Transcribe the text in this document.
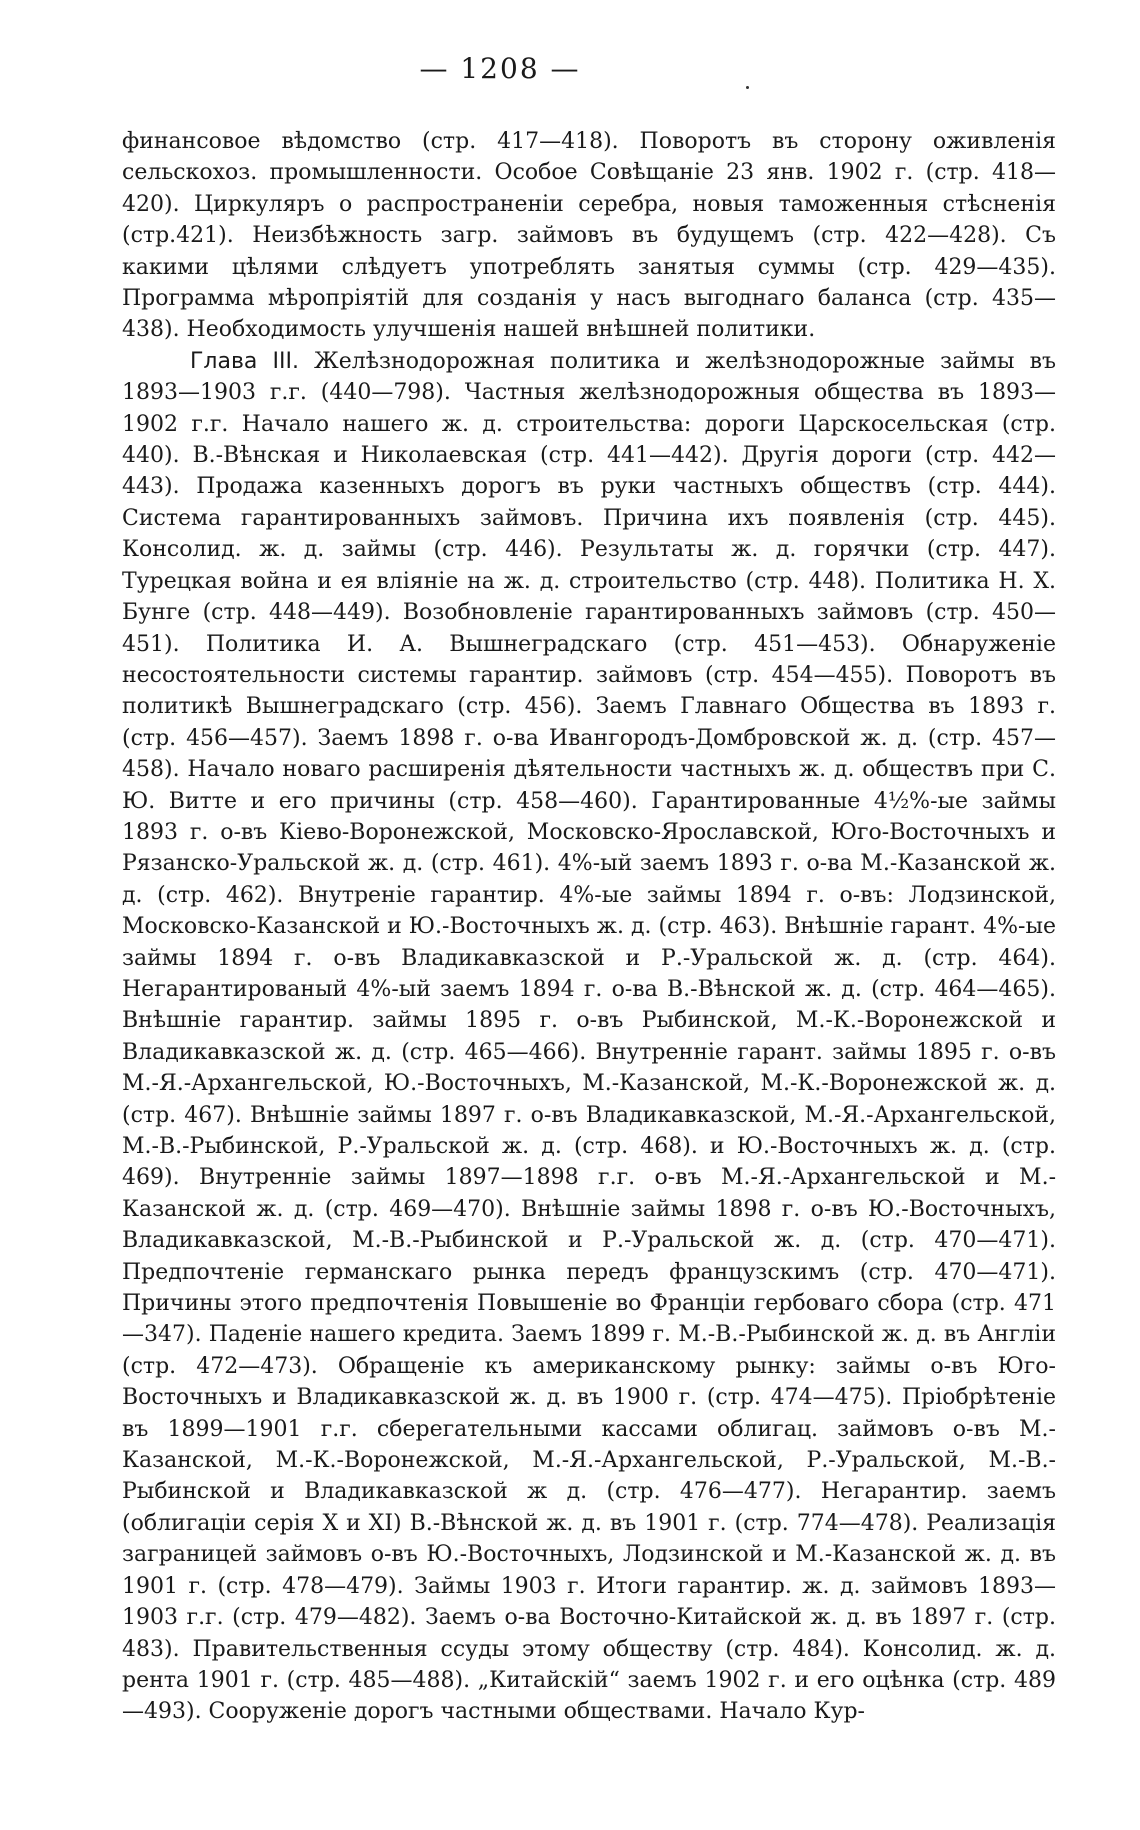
— 1208 —

финансовое вѣдомство (стр. 417—418). Поворотъ въ сторону оживленія сельскохоз. промышленности. Особое Совѣщаніе 23 янв. 1902 г. (стр. 418—420). Циркуляръ о распространеніи серебра, новыя таможенныя стѣсненія (стр.421). Неизбѣжность загр. займовъ въ будущемъ (стр. 422—428). Съ какими цѣлями слѣдуетъ употреблять занятыя суммы (стр. 429—435). Программа мѣропріятій для созданія у насъ выгоднаго баланса (стр. 435—438). Необходимость улучшенія нашей внѣшней политики.

Глава III. Желѣзнодорожная политика и желѣзнодорожные займы въ 1893—1903 г.г. (440—798). Частныя желѣзнодорожныя общества въ 1893—1902 г.г. Начало нашего ж. д. строительства: дороги Царскосельская (стр. 440). В.-Вѣнская и Николаевская (стр. 441—442). Другія дороги (стр. 442—443). Продажа казенныхъ дорогъ въ руки частныхъ обществъ (стр. 444). Система гарантированныхъ займовъ. Причина ихъ появленія (стр. 445). Консолид. ж. д. займы (стр. 446). Результаты ж. д. горячки (стр. 447). Турецкая война и ея вліяніе на ж. д. строительство (стр. 448). Политика Н. Х. Бунге (стр. 448—449). Возобновленіе гарантированныхъ займовъ (стр. 450—451). Политика И. А. Вышнеградскаго (стр. 451—453). Обнаруженіе несостоятельности системы гарантир. займовъ (стр. 454—455). Поворотъ въ политикѣ Вышнеградскаго (стр. 456). Заемъ Главнаго Общества въ 1893 г. (стр. 456—457). Заемъ 1898 г. о-ва Ивангородъ-Домбровской ж. д. (стр. 457—458). Начало новаго расширенія дѣятельности частныхъ ж. д. обществъ при С. Ю. Витте и его причины (стр. 458—460). Гарантированные 4½%-ые займы 1893 г. о-въ Кіево-Воронежской, Московско-Ярославской, Юго-Восточныхъ и Рязанско-Уральской ж. д. (стр. 461). 4%-ый заемъ 1893 г. о-ва М.-Казанской ж. д. (стр. 462). Внутреніе гарантир. 4%-ые займы 1894 г. о-въ: Лодзинской, Московско-Казанской и Ю.-Восточныхъ ж. д. (стр. 463). Внѣшніе гарант. 4%-ые займы 1894 г. о-въ Владикавказской и Р.-Уральской ж. д. (стр. 464). Негарантированый 4%-ый заемъ 1894 г. о-ва В.-Вѣнской ж. д. (стр. 464—465). Внѣшніе гарантир. займы 1895 г. о-въ Рыбинской, М.-К.-Воронежской и Владикавказской ж. д. (стр. 465—466). Внутренніе гарант. займы 1895 г. о-въ М.-Я.-Архангельской, Ю.-Восточныхъ, М.-Казанской, М.-К.-Воронежской ж. д. (стр. 467). Внѣшніе займы 1897 г. о-въ Владикавказской, М.-Я.-Архангельской, М.-В.-Рыбинской, Р.-Уральской ж. д. (стр. 468). и Ю.-Восточныхъ ж. д. (стр. 469). Внутренніе займы 1897—1898 г.г. о-въ М.-Я.-Архангельской и М.-Казанской ж. д. (стр. 469—470). Внѣшніе займы 1898 г. о-въ Ю.-Восточныхъ, Владикавказской, М.-В.-Рыбинской и Р.-Уральской ж. д. (стр. 470—471). Предпочтеніе германскаго рынка передъ французскимъ (стр. 470—471). Причины этого предпочтенія Повышеніе во Франціи гербоваго сбора (стр. 471—347). Паденіе нашего кредита. Заемъ 1899 г. М.-В.-Рыбинской ж. д. въ Англіи (стр. 472—473). Обращеніе къ американскому рынку: займы о-въ Юго-Восточныхъ и Владикавказской ж. д. въ 1900 г. (стр. 474—475). Пріобрѣтеніе въ 1899—1901 г.г. сберегательными кассами облигац. займовъ о-въ М.-Казанской, М.-К.-Воронежской, М.-Я.-Архангельской, Р.-Уральской, М.-В.-Рыбинской и Владикавказской ж д. (стр. 476—477). Негарантир. заемъ (облигаціи серія X и XI) В.-Вѣнской ж. д. въ 1901 г. (стр. 774—478). Реализація заграницей займовъ о-въ Ю.-Восточныхъ, Лодзинской и М.-Казанской ж. д. въ 1901 г. (стр. 478—479). Займы 1903 г. Итоги гарантир. ж. д. займовъ 1893—1903 г.г. (стр. 479—482). Заемъ о-ва Восточно-Китайской ж. д. въ 1897 г. (стр. 483). Правительственныя ссуды этому обществу (стр. 484). Консолид. ж. д. рента 1901 г. (стр. 485—488). „Китайскій“ заемъ 1902 г. и его оцѣнка (стр. 489—493). Сооруженіе дорогъ частными обществами. Начало Кур-
